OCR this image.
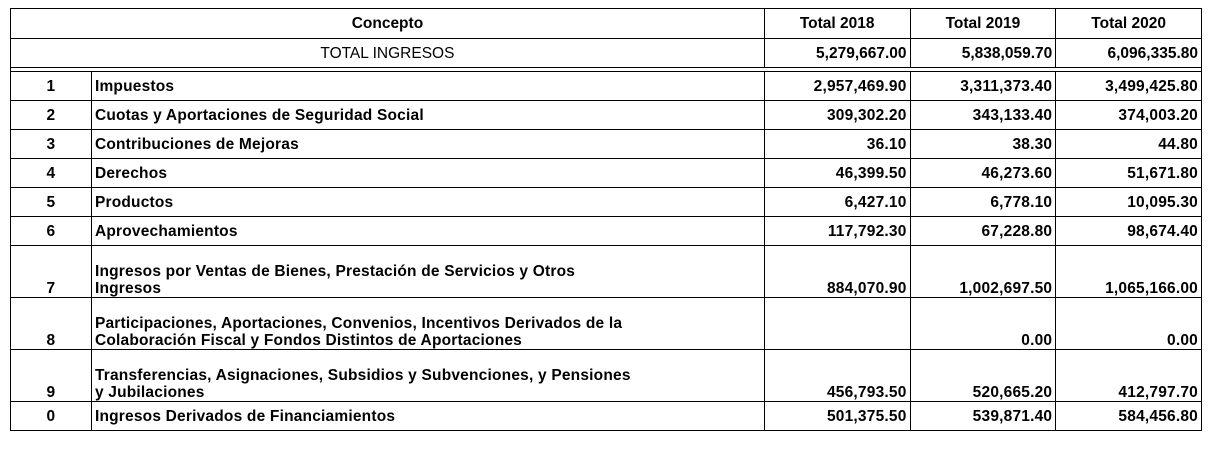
Concepto		Total 2018	Total 2019	Total 2020
TOTAL INGRESOS		5,279,667.00	5,838,059.70	6,096,335.80

1	Impuestos	2,957,469.90	3,311,373.40	3,499,425.80
2	Cuotas y Aportaciones de Seguridad Social	309,302.20	343,133.40	374,003.20
3	Contribuciones de Mejoras	36.10	38.30	44.80
4	Derechos	46,399.50	46,273.60	51,671.80
5	Productos	6,427.10	6,778.10	10,095.30
6	Aprovechamientos	117,792.30	67,228.80	98,674.40
7	Ingresos por Ventas de Bienes, Prestación de Servicios y Otros
Ingresos	884,070.90	1,002,697.50	1,065,166.00
8	Participaciones, Aportaciones, Convenios, Incentivos Derivados de la
Colaboración Fiscal y Fondos Distintos de Aportaciones		0.00	0.00
9	Transferencias, Asignaciones, Subsidios y Subvenciones, y Pensiones
y Jubilaciones	456,793.50	520,665.20	412,797.70
0	Ingresos Derivados de Financiamientos	501,375.50	539,871.40	584,456.80
